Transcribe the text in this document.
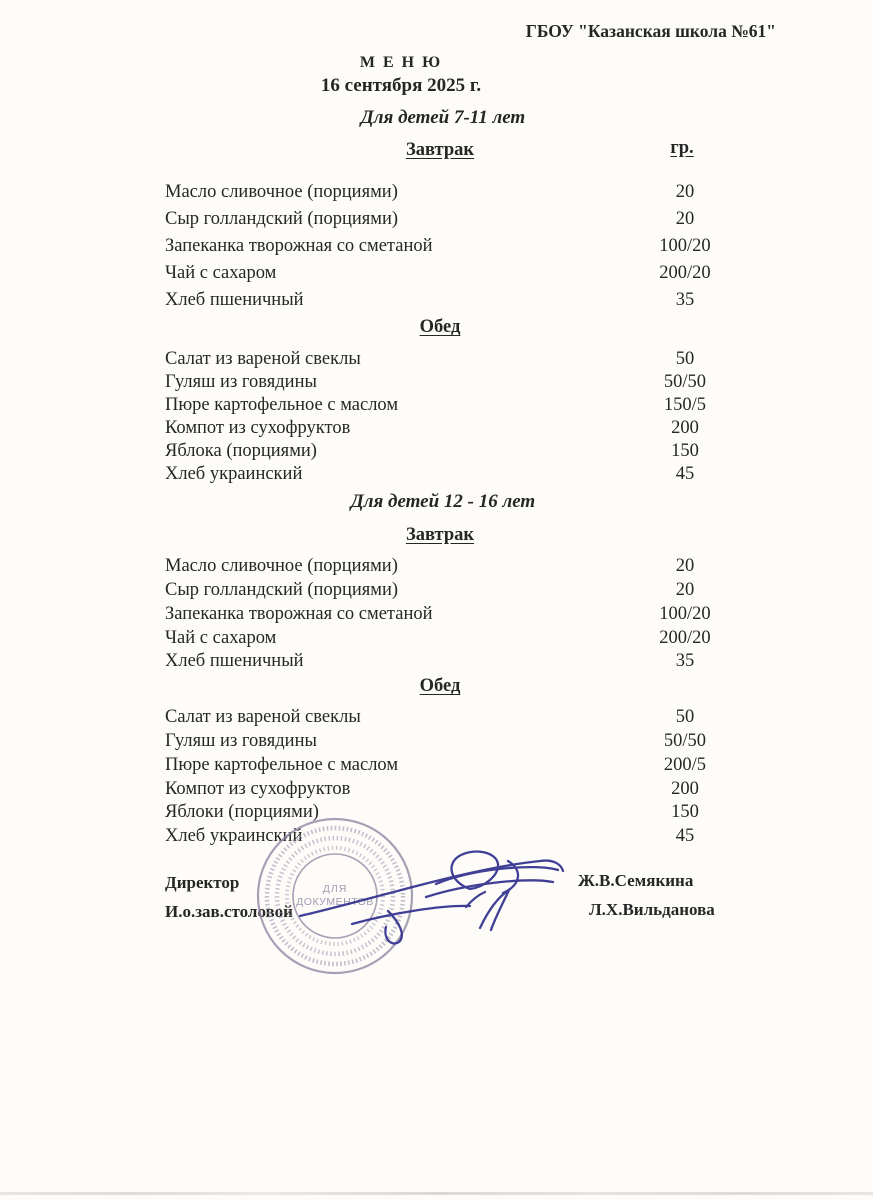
ГБОУ "Казанская школа №61"
М Е Н Ю
16 сентября 2025 г.
Для детей 7-11 лет
Завтрак	гр.
Масло сливочное (порциями)	20
Сыр голландский (порциями)	20
Запеканка творожная со сметаной	100/20
Чай с сахаром	200/20
Хлеб пшеничный	35
Обед
Салат из вареной свеклы	50
Гуляш из говядины	50/50
Пюре картофельное с маслом	150/5
Компот из сухофруктов	200
Яблока (порциями)	150
Хлеб украинский	45
Для детей 12 - 16 лет
Завтрак
Масло сливочное (порциями)	20
Сыр голландский (порциями)	20
Запеканка творожная со сметаной	100/20
Чай с сахаром	200/20
Хлеб пшеничный	35
Обед
Салат из вареной свеклы	50
Гуляш из говядины	50/50
Пюре картофельное с маслом	200/5
Компот из сухофруктов	200
Яблоки (порциями)	150
Хлеб украинский	45
Директор	Ж.В.Семякина
И.о.зав.столовой	Л.Х.Вильданова
ДЛЯ
ДОКУМЕНТОВ
